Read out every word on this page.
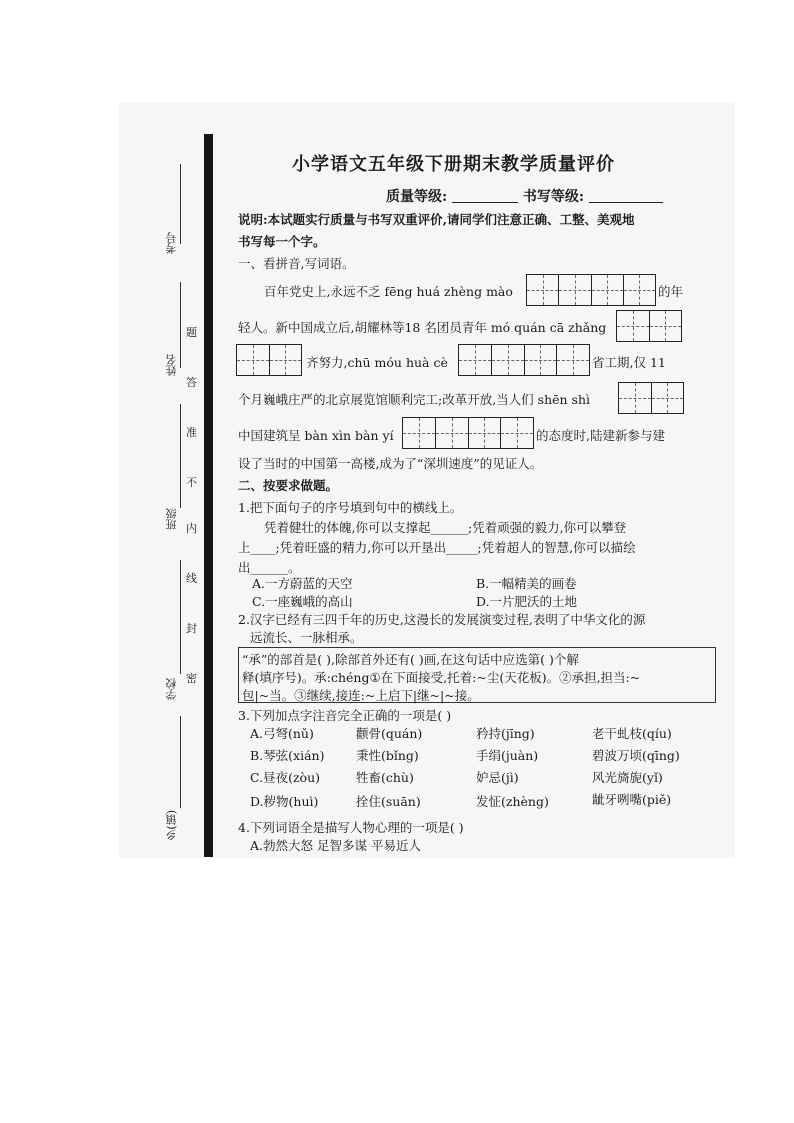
考号
姓名
班级
学校
乡(镇)
题
答
准
不
内
线
封
密
小学语文五年级下册期末教学质量评价
质量等级:	书写等级:
说明:本试题实行质量与书写双重评价,请同学们注意正确、工整、美观地
书写每一个字。
一、看拼音,写词语。
百年党史上,永远不乏 fēng huá zhèng mào	的年
轻人。新中国成立后,胡耀林等18 名团员青年 mó quán cā zhǎng
齐努力,chū móu huà cè	省工期,仅 11
个月巍峨庄严的北京展览馆顺利完工;改革开放,当人们 shēn shì
中国建筑呈 bàn xìn bàn yí	的态度时,陆建新参与建
设了当时的中国第一高楼,成为了“深圳速度”的见证人。
二、按要求做题。
1.把下面句子的序号填到句中的横线上。
凭着健壮的体魄,你可以支撑起______;凭着顽强的毅力,你可以攀登
上____;凭着旺盛的精力,你可以开垦出_____;凭着超人的智慧,你可以描绘
出______。
A.一方蔚蓝的天空	B.一幅精美的画卷
C.一座巍峨的高山	D.一片肥沃的土地
2.汉字已经有三四千年的历史,这漫长的发展演变过程,表明了中华文化的源
远流长、一脉相承。
“承”的部首是( ),除部首外还有( )画,在这句话中应选第( )个解
释(填序号)。承:chéng①在下面接受,托着:~尘(天花板)。②承担,担当:~
包|~当。③继续,接连:~上启下|继~|~接。
3.下列加点字注音完全正确的一项是( )
A.弓弩(nǔ)	颧骨(quán)	矜持(jīng)	老干虬枝(qíu)
B.琴弦(xián)	秉性(bǐng)	手绢(juàn)	碧波万顷(qīng)
C.昼夜(zòu)	牲畜(chù)	妒忌(jì)	风光旖旎(yǐ)
D.秽物(huì)	拴住(suān)	发怔(zhèng)	龇牙咧嘴(piě)
4.下列词语全是描写人物心理的一项是( )
A.勃然大怒 足智多谋 平易近人
